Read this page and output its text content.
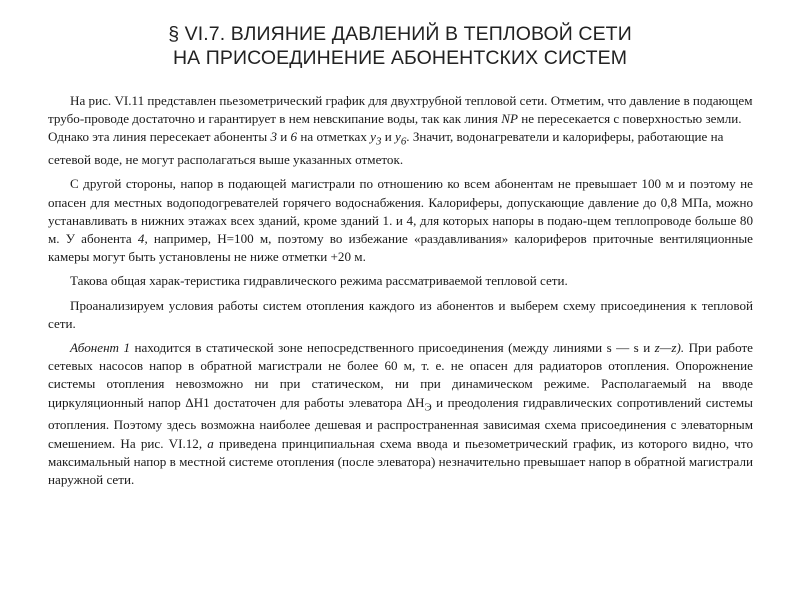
§ VI.7. ВЛИЯНИЕ ДАВЛЕНИЙ В ТЕПЛОВОЙ СЕТИ
НА ПРИСОЕДИНЕНИЕ АБОНЕНТСКИХ СИСТЕМ

На рис. VI.11 представлен пьезометрический график для двухтрубной тепловой сети. Отметим, что давление в подающем трубо-проводе достаточно и гарантирует в нем невскипание воды, так как линия NP не пересекается с поверхностью земли. Однако эта линия пересекает абоненты 3 и 6 на отметках $y_3$ и $y_6$. Значит, водонагреватели и калориферы, работающие на сетевой воде, не могут располагаться выше указанных отметок.

С другой стороны, напор в подающей магистрали по отношению ко всем абонентам не превышает 100 м и поэтому не опасен для местных водоподогревателей горячего водоснабжения. Калориферы, допускающие давление до 0,8 МПа, можно устанавливать в нижних этажах всех зданий, кроме зданий 1. и 4, для которых напоры в подаю-щем теплопроводе больше 80 м. У абонента 4, например, H=100 м, поэтому во избежание «раздавливания» калориферов приточные вентиляционные камеры могут быть установлены не ниже отметки +20 м.

Такова общая харак-теристика гидравлического режима рассматриваемой тепловой сети.

Проанализируем условия работы систем отопления каждого из абонентов и выберем схему присоединения к тепловой сети.

Абонент 1 находится в статической зоне непосредственного присоединения (между линиями s — s и z—z). При работе сетевых насосов напор в обратной магистрали не более 60 м, т. е. не опасен для радиаторов отопления. Опорожнение системы отопления невозможно ни при статическом, ни при динамическом режиме. Располагаемый на вводе циркуляционный напор ΔH1 достаточен для работы элеватора $\Delta Н_Э$ и преодоления гидравлических сопротивлений системы отопления. Поэтому здесь возможна наиболее дешевая и распространенная зависимая схема присоединения с элеваторным смешением. На рис. VI.12, а приведена принципиальная схема ввода и пьезометрический график, из которого видно, что максимальный напор в местной системе отопления (после элеватора) незначительно превышает напор в обратной магистрали наружной сети.
